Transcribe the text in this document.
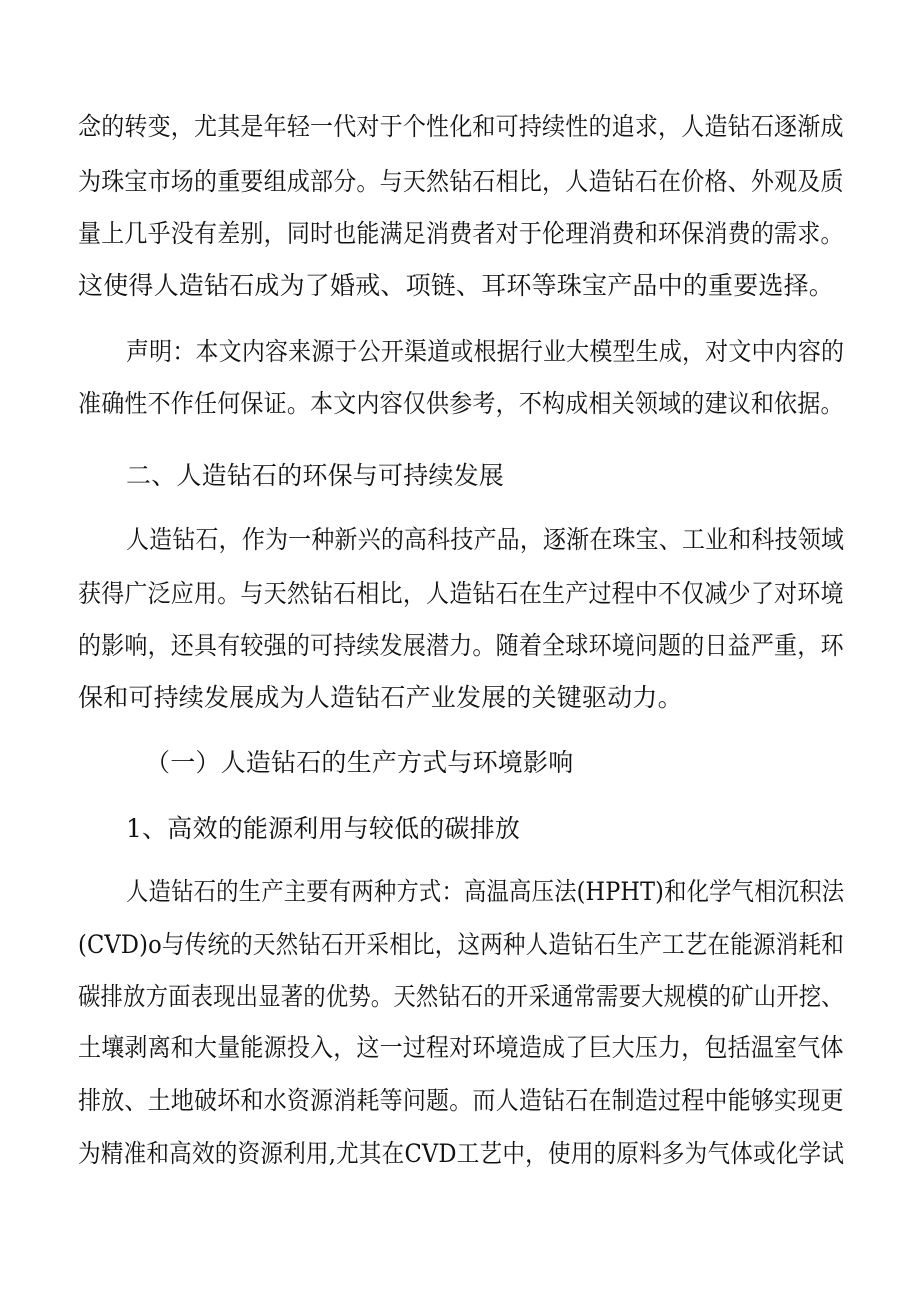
念的转变，尤其是年轻一代对于个性化和可持续性的追求，人造钻石逐渐成
为珠宝市场的重要组成部分。与天然钻石相比，人造钻石在价格、外观及质
量上几乎没有差别，同时也能满足消费者对于伦理消费和环保消费的需求。
这使得人造钻石成为了婚戒、项链、耳环等珠宝产品中的重要选择。
声明：本文内容来源于公开渠道或根据行业大模型生成，对文中内容的
准确性不作任何保证。本文内容仅供参考，不构成相关领域的建议和依据。
二、人造钻石的环保与可持续发展
人造钻石，作为一种新兴的高科技产品，逐渐在珠宝、工业和科技领域
获得广泛应用。与天然钻石相比，人造钻石在生产过程中不仅减少了对环境
的影响，还具有较强的可持续发展潜力。随着全球环境问题的日益严重，环
保和可持续发展成为人造钻石产业发展的关键驱动力。
（一）人造钻石的生产方式与环境影响
1、高效的能源利用与较低的碳排放
人造钻石的生产主要有两种方式：高温高压法(HPHT)和化学气相沉积法
(CVD)o与传统的天然钻石开采相比，这两种人造钻石生产工艺在能源消耗和
碳排放方面表现出显著的优势。天然钻石的开采通常需要大规模的矿山开挖、
土壤剥离和大量能源投入，这一过程对环境造成了巨大压力，包括温室气体
排放、土地破坏和水资源消耗等问题。而人造钻石在制造过程中能够实现更
为精准和高效的资源利用,尤其在CVD工艺中，使用的原料多为气体或化学试
